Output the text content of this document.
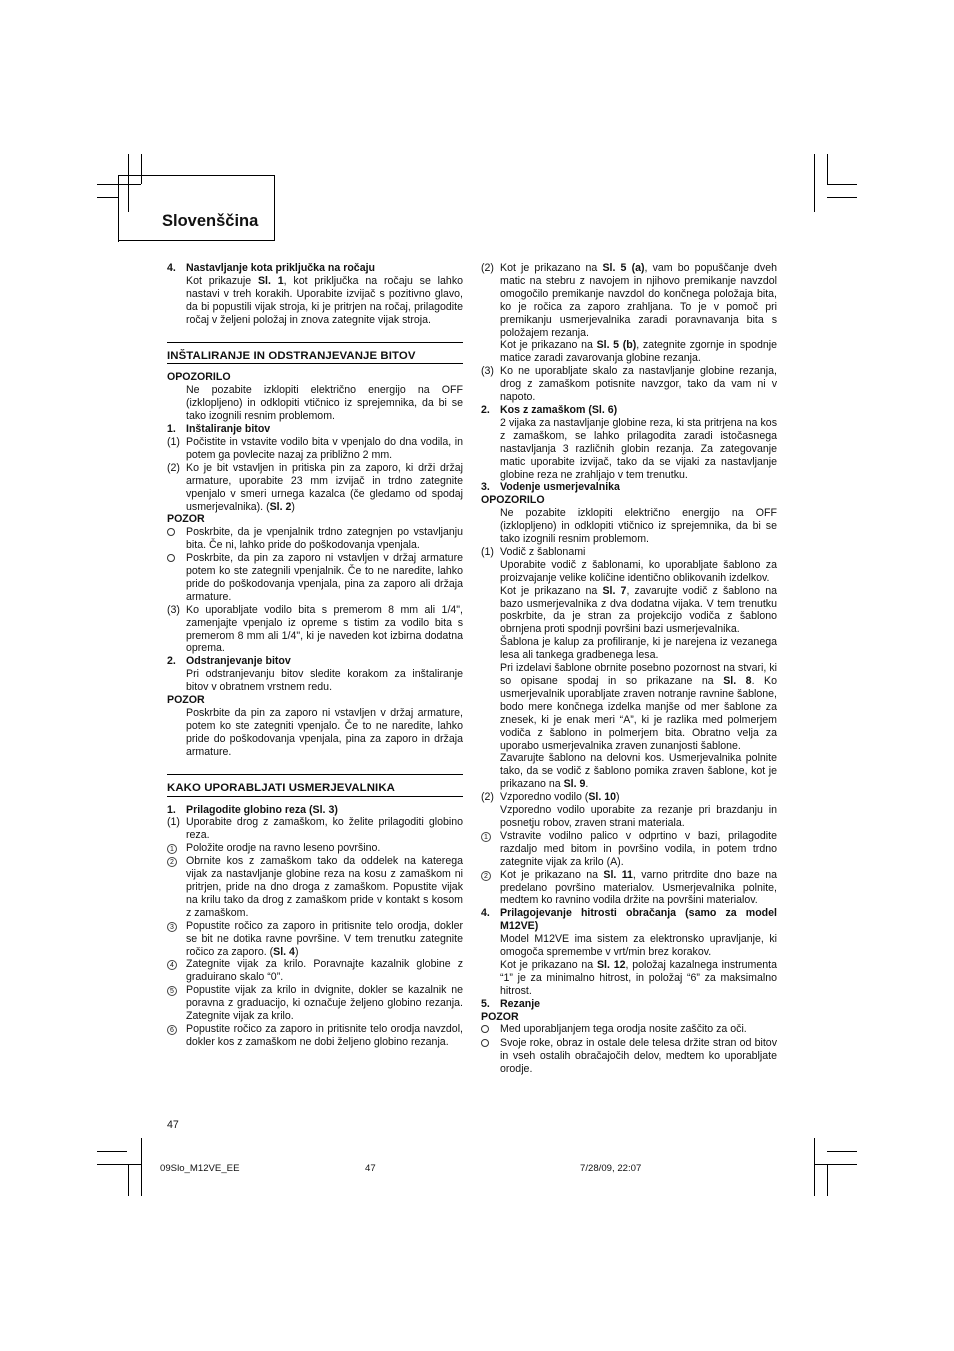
Slovenščina
4. Nastavljanje kota priključka na ročaju
Kot prikazuje Sl. 1, kot priključka na ročaju se lahko nastavi v treh korakih. Uporabite izvijač s pozitivno glavo, da bi popustili vijak stroja, ki je pritrjen na ročaj, prilagodite ročaj v željeni položaj in znova zategnite vijak stroja.
INŠTALIRANJE IN ODSTRANJEVANJE BITOV
OPOZORILO
Ne pozabite izklopiti električno energijo na OFF (izklopljeno) in odklopiti vtičnico iz sprejemnika, da bi se tako izognili resnim problemom.
1. Inštaliranje bitov
(1) Počistite in vstavite vodilo bita v vpenjalo do dna vodila, in potem ga povlecite nazaj za približno 2 mm.
(2) Ko je bit vstavljen in pritiska pin za zaporo, ki drži držaj armature, uporabite 23 mm izvijač in trdno zategnite vpenjalo v smeri urnega kazalca (če gledamo od spodaj usmerjevalnika). (Sl. 2)
POZOR
Poskrbite, da je vpenjalnik trdno zategnjen po vstavljanju bita. Če ni, lahko pride do poškodovanja vpenjala.
Poskrbite, da pin za zaporo ni vstavljen v držaj armature potem ko ste zategnili vpenjalnik. Če to ne naredite, lahko pride do poškodovanja vpenjala, pina za zaporo ali držaja armature.
(3) Ko uporabljate vodilo bita s premerom 8 mm ali 1/4", zamenjajte vpenjalo iz opreme s tistim za vodilo bita s premerom 8 mm ali 1/4", ki je naveden kot izbirna dodatna oprema.
2. Odstranjevanje bitov
Pri odstranjevanju bitov sledite korakom za inštaliranje bitov v obratnem vrstnem redu.
POZOR
Poskrbite da pin za zaporo ni vstavljen v držaj armature, potem ko ste zategniti vpenjalo. Če to ne naredite, lahko pride do poškodovanja vpenjala, pina za zaporo in držaja armature.
KAKO UPORABLJATI USMERJEVALNIKA
1. Prilagodite globino reza (Sl. 3)
(1) Uporabite drog z zamaškom, ko želite prilagoditi globino reza.
1	Položite orodje na ravno leseno površino.
2	Obrnite kos z zamaškom tako da oddelek na katerega vijak za nastavljanje globine reza na kosu z zamaškom ni pritrjen, pride na dno droga z zamaškom. Popustite vijak na krilu tako da drog z zamaškom pride v kontakt s kosom z zamaškom.
3	Popustite ročico za zaporo in pritisnite telo orodja, dokler se bit ne dotika ravne površine. V tem trenutku zategnite ročico za zaporo. (Sl. 4)
4	Zategnite vijak za krilo. Poravnajte kazalnik globine z graduirano skalo “0”.
5	Popustite vijak za krilo in dvignite, dokler se kazalnik ne poravna z graduacijo, ki označuje željeno globino rezanja. Zategnite vijak za krilo.
6	Popustite ročico za zaporo in pritisnite telo orodja navzdol, dokler kos z zamaškom ne dobi željeno globino rezanja.
(2) Kot je prikazano na Sl. 5 (a), vam bo popuščanje dveh matic na stebru z navojem in njihovo premikanje navzdol omogočilo premikanje navzdol do končnega položaja bita, ko je ročica za zaporo zrahljana. To je v pomoč pri premikanju usmerjevalnika zaradi poravnavanja bita s položajem rezanja.
Kot je prikazano na Sl. 5 (b), zategnite zgornje in spodnje matice zaradi zavarovanja globine rezanja.
(3) Ko ne uporabljate skalo za nastavljanje globine rezanja, drog z zamaškom potisnite navzgor, tako da vam ni v napoto.
2. Kos z zamaškom (Sl. 6)
2 vijaka za nastavljanje globine reza, ki sta pritrjena na kos z zamaškom, se lahko prilagodita zaradi istočasnega nastavljanja 3 različnih globin rezanja. Za zategovanje matic uporabite izvijač, tako da se vijaki za nastavljanje globine reza ne zrahljajo v tem trenutku.
3. Vodenje usmerjevalnika
OPOZORILO
Ne pozabite izklopiti električno energijo na OFF (izklopljeno) in odklopiti vtičnico iz sprejemnika, da bi se tako izognili resnim problemom.
(1) Vodič z šablonami
Uporabite vodič z šablonami, ko uporabljate šablono za proizvajanje velike količine identično oblikovanih izdelkov.
Kot je prikazano na Sl. 7, zavarujte vodič z šablono na bazo usmerjevalnika z dva dodatna vijaka. V tem trenutku poskrbite, da je stran za projekcijo vodiča z šablono obrnjena proti spodnji površini bazi usmerjevalnika.
Šablona je kalup za profiliranje, ki je narejena iz vezanega lesa ali tankega gradbenega lesa.
Pri izdelavi šablone obrnite posebno pozornost na stvari, ki so opisane spodaj in so prikazane na Sl. 8. Ko usmerjevalnik uporabljate zraven notranje ravnine šablone, bodo mere končnega izdelka manjše od mer šablone za znesek, ki je enak meri “A”, ki je razlika med polmerjem vodiča z šablono in polmerjem bita. Obratno velja za uporabo usmerjevalnika zraven zunanjosti šablone.
Zavarujte šablono na delovni kos. Usmerjevalnika polnite tako, da se vodič z šablono pomika zraven šablone, kot je prikazano na Sl. 9.
(2) Vzporedno vodilo (Sl. 10)
Vzporedno vodilo uporabite za rezanje pri brazdanju in posnetju robov, zraven strani materiala.
1	Vstravite vodilno palico v odprtino v bazi, prilagodite razdaljo med bitom in površino vodila, in potem trdno zategnite vijak za krilo (A).
2	Kot je prikazano na Sl. 11, varno pritrdite dno baze na predelano površino materialov. Usmerjevalnika polnite, medtem ko ravnino vodila držite na površini materialov.
4. Prilagojevanje hitrosti obračanja (samo za model M12VE)
Model M12VE ima sistem za elektronsko upravljanje, ki omogoča spremembe v vrt/min brez korakov.
Kot je prikazano na Sl. 12, položaj kazalnega instrumenta “1” je za minimalno hitrost, in položaj “6” za maksimalno hitrost.
5. Rezanje
POZOR
Med uporabljanjem tega orodja nosite zaščito za oči.
Svoje roke, obraz in ostale dele telesa držite stran od bitov in vseh ostalih obračajočih delov, medtem ko uporabljate orodje.
47
09Slo_M12VE_EE	47	7/28/09, 22:07
